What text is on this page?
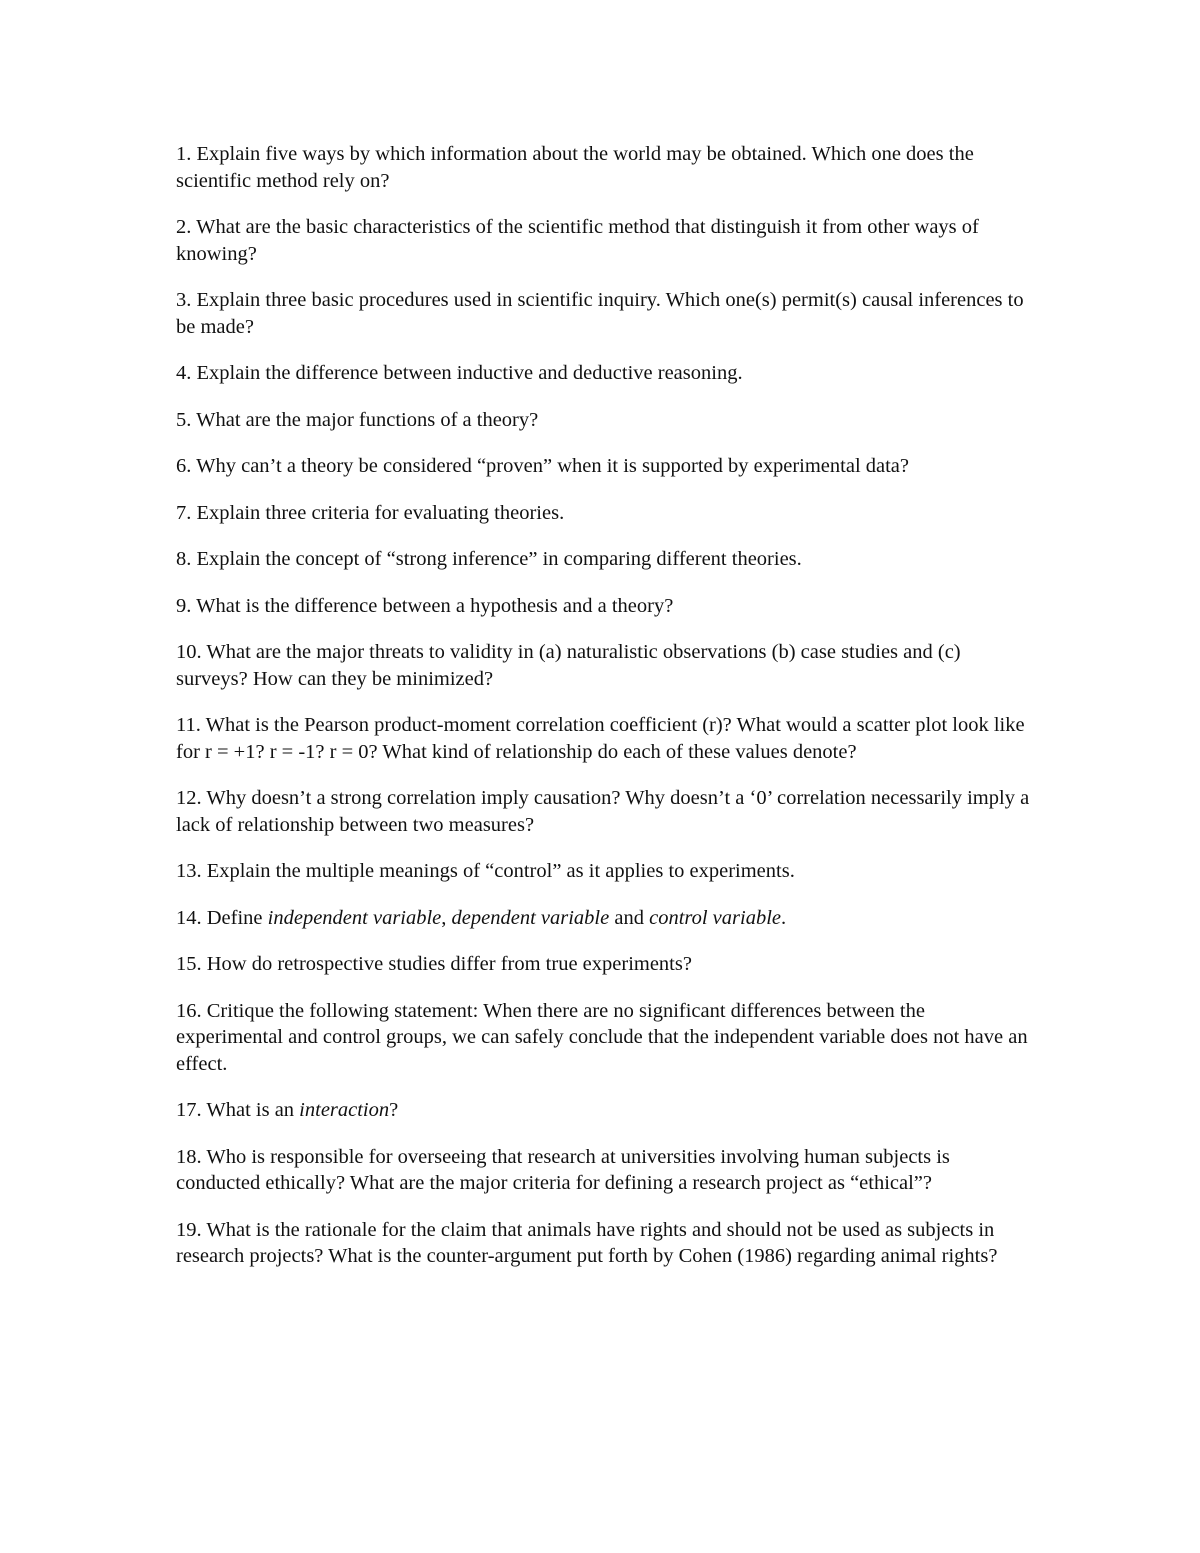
1. Explain five ways by which information about the world may be obtained. Which one does the scientific method rely on?

2. What are the basic characteristics of the scientific method that distinguish it from other ways of knowing?

3. Explain three basic procedures used in scientific inquiry. Which one(s) permit(s) causal inferences to be made?

4. Explain the difference between inductive and deductive reasoning.

5. What are the major functions of a theory?

6. Why can’t a theory be considered “proven” when it is supported by experimental data?

7. Explain three criteria for evaluating theories.

8. Explain the concept of “strong inference” in comparing different theories.

9. What is the difference between a hypothesis and a theory?

10. What are the major threats to validity in (a) naturalistic observations (b) case studies and (c) surveys? How can they be minimized?

11. What is the Pearson product-moment correlation coefficient (r)? What would a scatter plot look like for r = +1? r = -1? r = 0? What kind of relationship do each of these values denote?

12. Why doesn’t a strong correlation imply causation? Why doesn’t a ‘0’ correlation necessarily imply a lack of relationship between two measures?

13. Explain the multiple meanings of “control” as it applies to experiments.

14. Define independent variable, dependent variable and control variable.

15. How do retrospective studies differ from true experiments?

16. Critique the following statement: When there are no significant differences between the experimental and control groups, we can safely conclude that the independent variable does not have an effect.

17. What is an interaction?

18. Who is responsible for overseeing that research at universities involving human subjects is conducted ethically? What are the major criteria for defining a research project as “ethical”?

19. What is the rationale for the claim that animals have rights and should not be used as subjects in research projects? What is the counter-argument put forth by Cohen (1986) regarding animal rights?
